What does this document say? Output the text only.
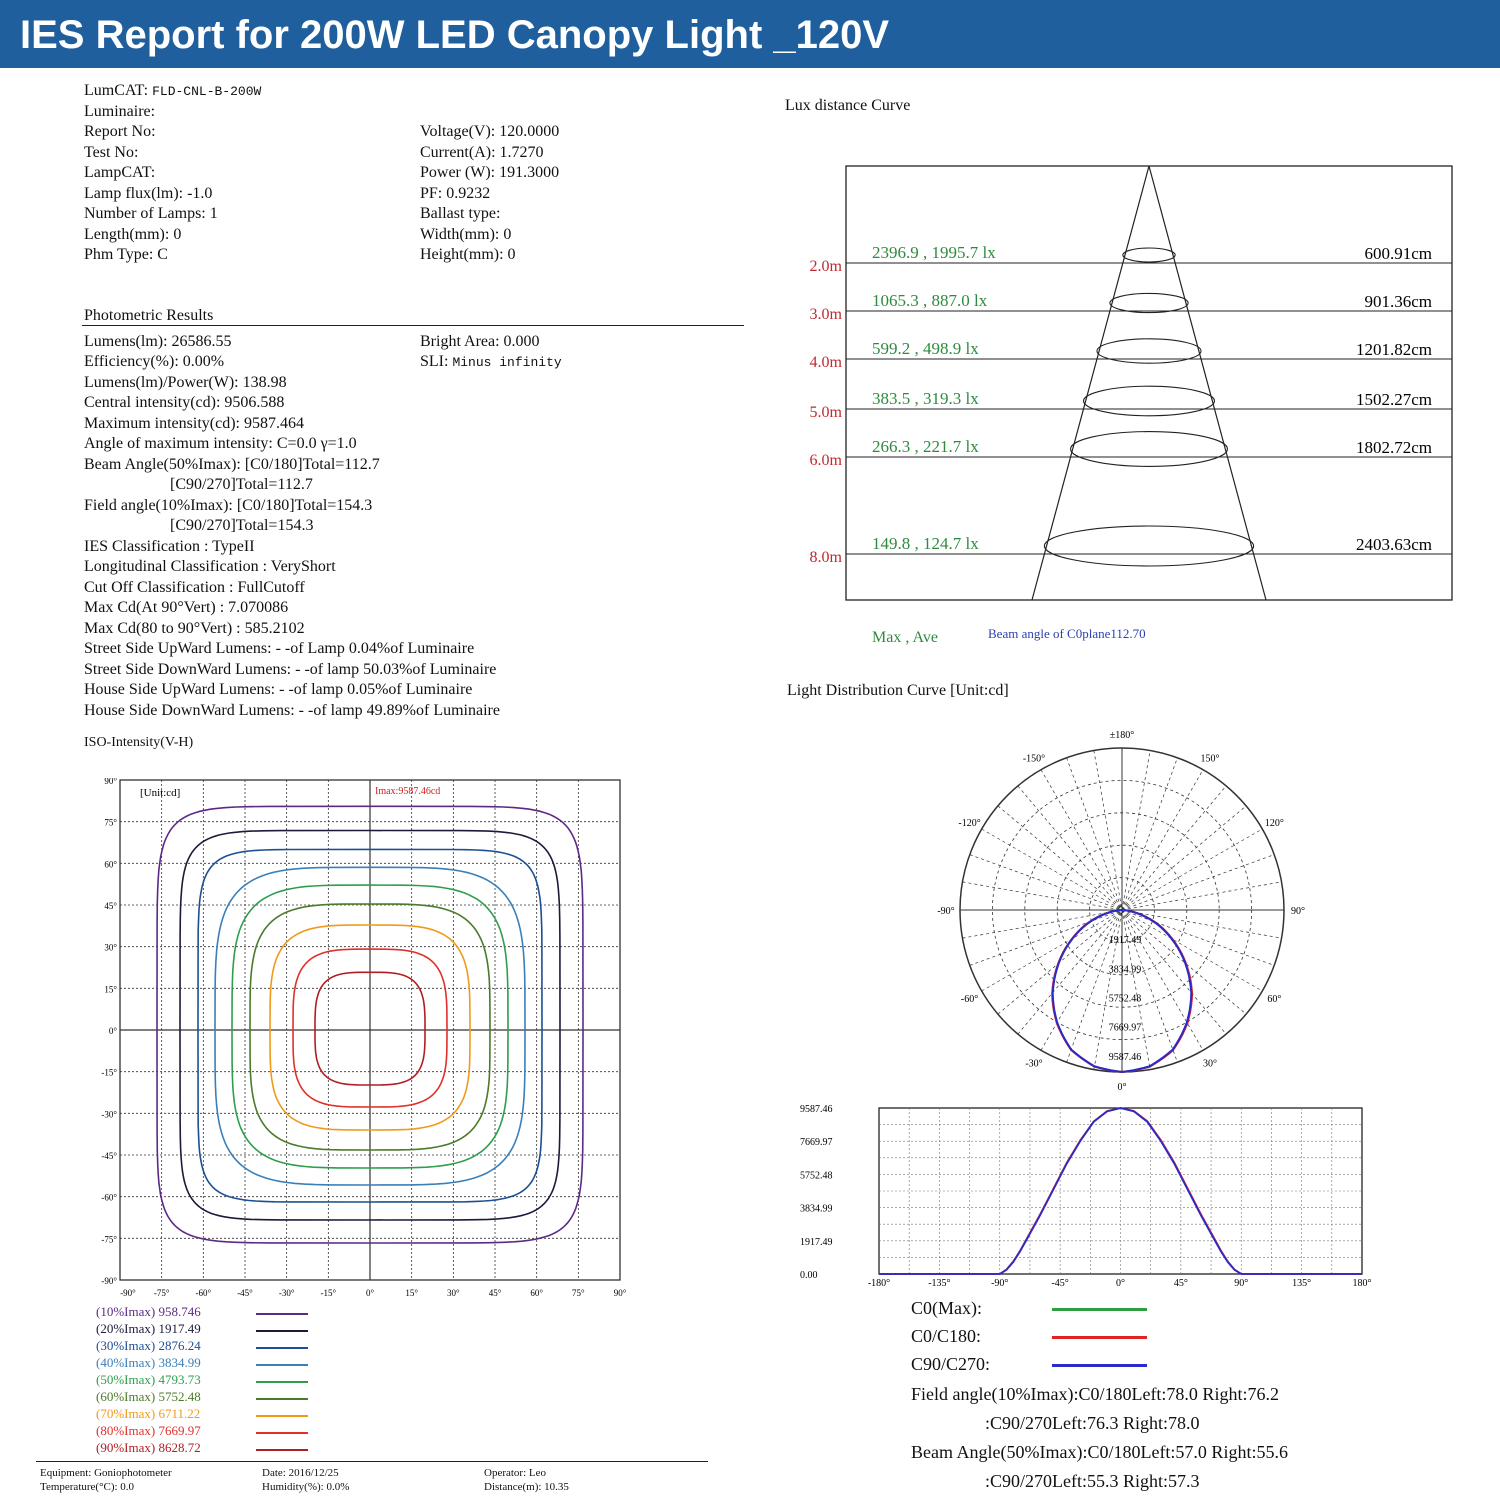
IES Report for 200W LED Canopy Light _120V
LumCAT: FLD-CNL-B-200W
Luminaire:
Report No:
Test No:
LampCAT:
Lamp flux(lm): -1.0
Number of Lamps: 1
Length(mm): 0
Phm Type: C
Voltage(V): 120.0000
Current(A): 1.7270
Power (W): 191.3000
PF: 0.9232
Ballast type:
Width(mm): 0
Height(mm): 0
Photometric Results
Lumens(lm): 26586.55
Efficiency(%): 0.00%
Lumens(lm)/Power(W): 138.98
Central intensity(cd): 9506.588
Maximum intensity(cd): 9587.464
Angle of maximum intensity: C=0.0 γ=1.0
Beam Angle(50%Imax): [C0/180]Total=112.7
[C90/270]Total=112.7
Field angle(10%Imax): [C0/180]Total=154.3
[C90/270]Total=154.3
IES Classification : TypeII
Longitudinal Classification : VeryShort
Cut Off Classification : FullCutoff
Max Cd(At 90°Vert) : 7.070086
Max Cd(80 to 90°Vert) : 585.2102
Street Side UpWard Lumens: - -of Lamp 0.04%of Luminaire
Street Side DownWard Lumens: - -of lamp 50.03%of Luminaire
House Side UpWard Lumens: - -of lamp 0.05%of Luminaire
House Side DownWard Lumens: - -of lamp 49.89%of Luminaire
Bright Area: 0.000
SLI: Minus infinity
ISO-Intensity(V-H)
90°
75°
60°
45°
30°
15°
0°
-15°
-30°
-45°
-60°
-75°
-90°
-90° -75°	-60°	-45°	-30°	-15°	0°	15°	30°	45°	60°	75°	90°
[Unit:cd]	Imax:9587.46cd
(10%Imax) 958.746
(20%Imax) 1917.49
(30%Imax) 2876.24
(40%Imax) 3834.99
(50%Imax) 4793.73
(60%Imax) 5752.48
(70%Imax) 6711.22
(80%Imax) 7669.97
(90%Imax) 8628.72
Equipment: Goniophotometer
Temperature(°C): 0.0
Date: 2016/12/25
Humidity(%): 0.0%
Operator: Leo
Distance(m): 10.35
Lux distance Curve
2.0m
2396.9 , 1995.7 lx	600.91cm
3.0m
1065.3 , 887.0 lx	901.36cm
4.0m
599.2 , 498.9 lx	1201.82cm
5.0m
383.5 , 319.3 lx	1502.27cm
6.0m
266.3 , 221.7 lx	1802.72cm
8.0m
149.8 , 124.7 lx	2403.63cm
Max , Ave	Beam angle of C0plane112.70
Light Distribution Curve [Unit:cd]
±180°
150°
120°
90°
60°
30°
0°
-30°
-60°
-90°
-120°
-150°
1917.49
3834.99
5752.48
7669.97
9587.46
9587.46
7669.97
5752.48
3834.99
1917.49
0.00
-180°	-135°	-90°	-45°	0°	45°	90°	135°	180°
C0(Max):
C0/C180:
C90/C270:
Field angle(10%Imax):C0/180Left:78.0 Right:76.2
:C90/270Left:76.3 Right:78.0
Beam Angle(50%Imax):C0/180Left:57.0 Right:55.6
:C90/270Left:55.3 Right:57.3
